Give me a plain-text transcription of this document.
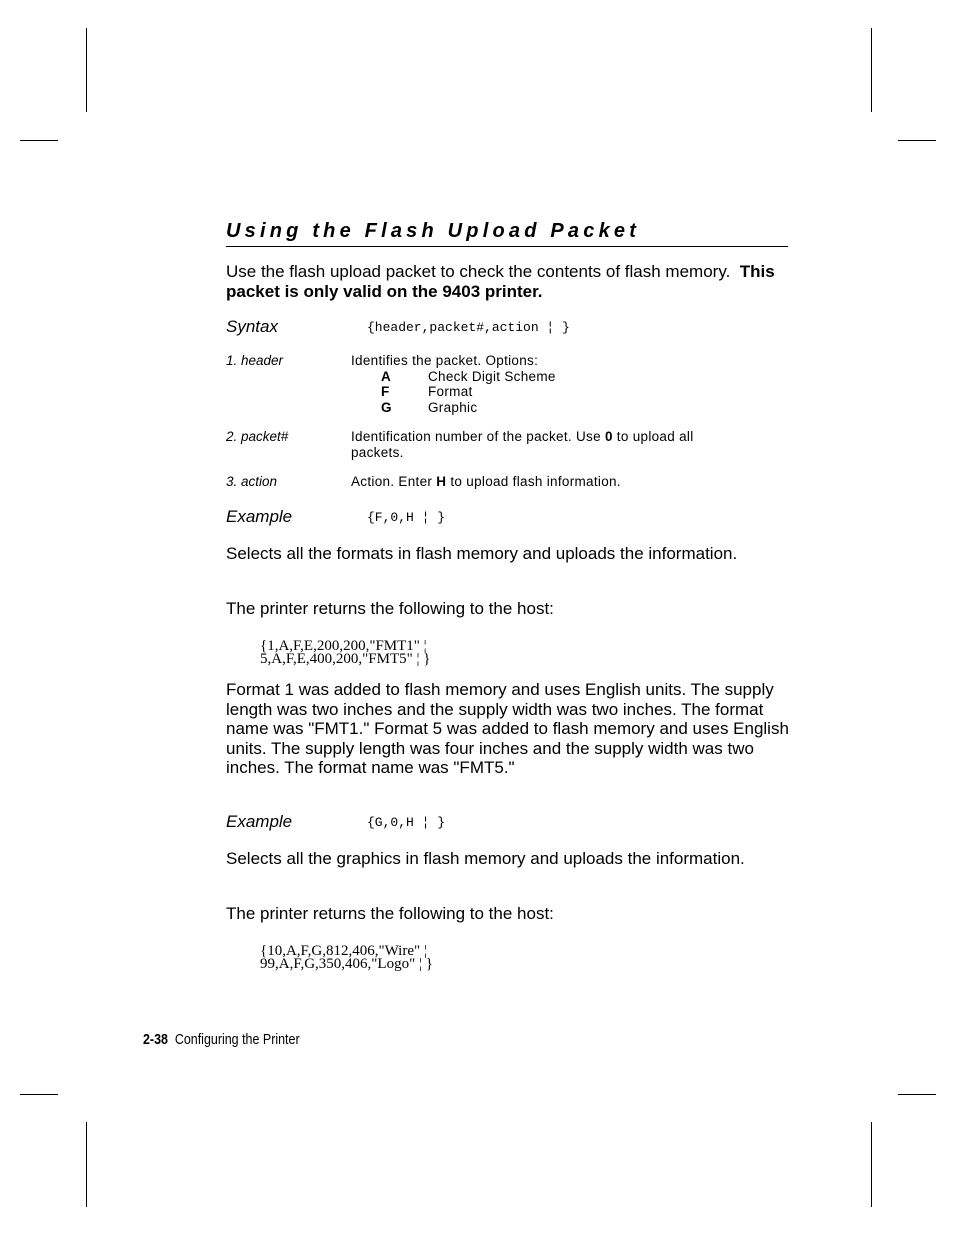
Using the Flash Upload Packet

Use the flash upload packet to check the contents of flash memory. This packet is only valid on the 9403 printer.

Syntax	{header,packet#,action ¦ }

1. header	Identifies the packet. Options:

A	Check Digit Scheme

F	Format

G	Graphic

2. packet#	Identification number of the packet. Use 0 to upload all packets.

3. action	Action. Enter H to upload flash information.

Example	{F,0,H ¦ }

Selects all the formats in flash memory and uploads the information.

The printer returns the following to the host:

{1,A,F,E,200,200,"FMT1" ¦

5,A,F,E,400,200,"FMT5" ¦ }

Format 1 was added to flash memory and uses English units. The supply length was two inches and the supply width was two inches. The format name was "FMT1." Format 5 was added to flash memory and uses English units. The supply length was four inches and the supply width was two inches. The format name was "FMT5."

Example	{G,0,H ¦ }

Selects all the graphics in flash memory and uploads the information.

The printer returns the following to the host:

{10,A,F,G,812,406,"Wire" ¦

99,A,F,G,350,406,"Logo" ¦ }

2-38 Configuring the Printer
